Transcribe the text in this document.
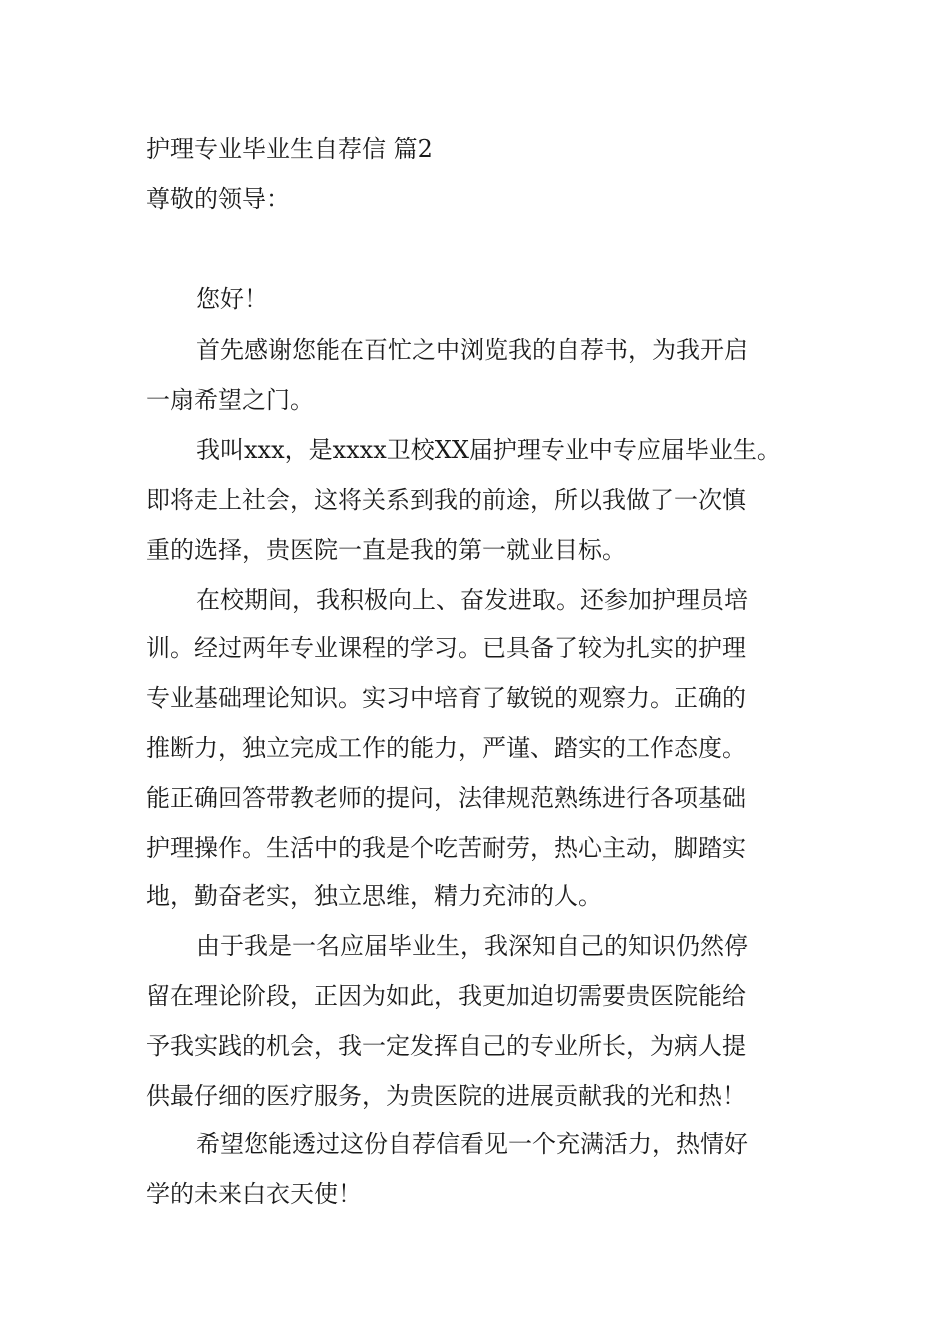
护理专业毕业生自荐信 篇2
尊敬的领导：
您好！
首先感谢您能在百忙之中浏览我的自荐书，为我开启
一扇希望之门。
我叫xxx，是xxxx卫校XX届护理专业中专应届毕业生。
即将走上社会，这将关系到我的前途，所以我做了一次慎
重的选择，贵医院一直是我的第一就业目标。
在校期间，我积极向上、奋发进取。还参加护理员培
训。经过两年专业课程的学习。已具备了较为扎实的护理
专业基础理论知识。实习中培育了敏锐的观察力。正确的
推断力，独立完成工作的能力，严谨、踏实的工作态度。
能正确回答带教老师的提问，法律规范熟练进行各项基础
护理操作。生活中的我是个吃苦耐劳，热心主动，脚踏实
地，勤奋老实，独立思维，精力充沛的人。
由于我是一名应届毕业生，我深知自己的知识仍然停
留在理论阶段，正因为如此，我更加迫切需要贵医院能给
予我实践的机会，我一定发挥自己的专业所长，为病人提
供最仔细的医疗服务，为贵医院的进展贡献我的光和热！
希望您能透过这份自荐信看见一个充满活力，热情好
学的未来白衣天使！
